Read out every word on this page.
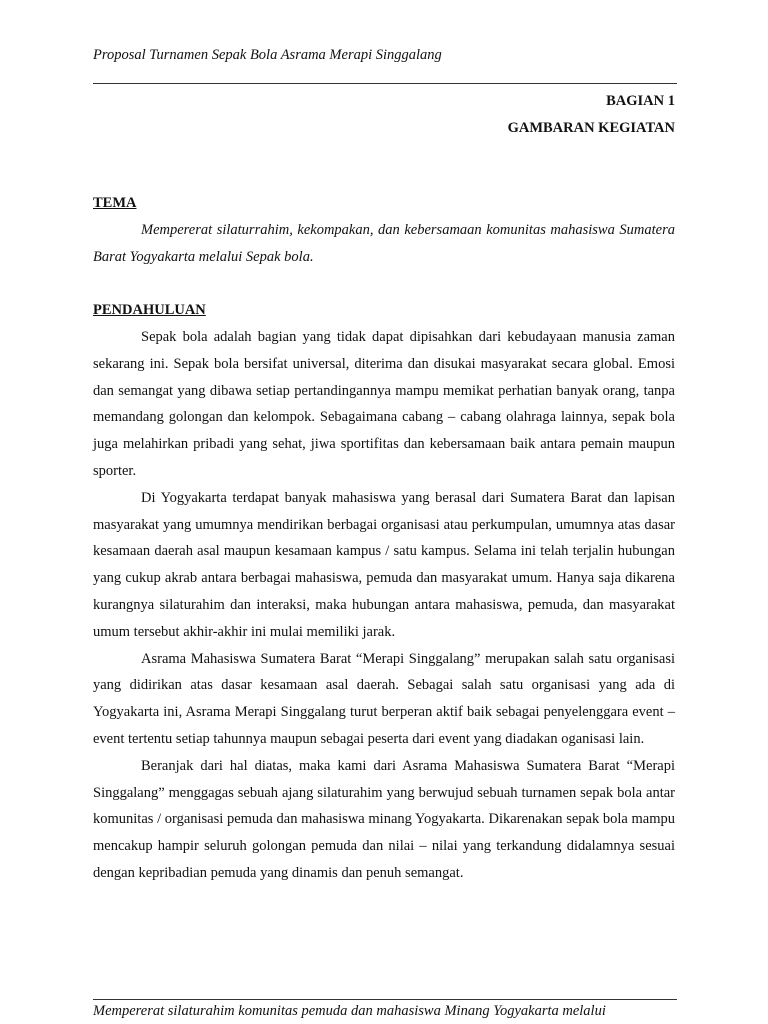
Proposal Turnamen Sepak Bola Asrama Merapi Singgalang
BAGIAN 1
GAMBARAN KEGIATAN
TEMA

Mempererat silaturrahim, kekompakan, dan kebersamaan komunitas mahasiswa Sumatera Barat Yogyakarta melalui Sepak bola.

PENDAHULUAN

Sepak bola adalah bagian yang tidak dapat dipisahkan dari kebudayaan manusia zaman sekarang ini. Sepak bola bersifat universal, diterima dan disukai masyarakat secara global. Emosi dan semangat yang dibawa setiap pertandingannya mampu memikat perhatian banyak orang, tanpa memandang golongan dan kelompok. Sebagaimana cabang – cabang olahraga lainnya, sepak bola juga melahirkan pribadi yang sehat, jiwa sportifitas dan kebersamaan baik antara pemain maupun sporter.

Di Yogyakarta terdapat banyak mahasiswa yang berasal dari Sumatera Barat dan lapisan masyarakat yang umumnya mendirikan berbagai organisasi atau perkumpulan, umumnya atas dasar kesamaan daerah asal maupun kesamaan kampus / satu kampus. Selama ini telah terjalin hubungan yang cukup akrab antara berbagai mahasiswa, pemuda dan masyarakat umum. Hanya saja dikarena kurangnya silaturahim dan interaksi, maka hubungan antara mahasiswa, pemuda, dan masyarakat umum tersebut akhir-akhir ini mulai memiliki jarak.

Asrama Mahasiswa Sumatera Barat “Merapi Singgalang” merupakan salah satu organisasi yang didirikan atas dasar kesamaan asal daerah. Sebagai salah satu organisasi yang ada di Yogyakarta ini, Asrama Merapi Singgalang turut berperan aktif baik sebagai penyelenggara event – event tertentu setiap tahunnya maupun sebagai peserta dari event yang diadakan oganisasi lain.

Beranjak dari hal diatas, maka kami dari Asrama Mahasiswa Sumatera Barat “Merapi Singgalang” menggagas sebuah ajang silaturahim yang berwujud sebuah turnamen sepak bola antar komunitas / organisasi pemuda dan mahasiswa minang Yogyakarta. Dikarenakan sepak bola mampu mencakup hampir seluruh golongan pemuda dan nilai – nilai yang terkandung didalamnya sesuai dengan kepribadian pemuda yang dinamis dan penuh semangat.

Mempererat silaturahim komunitas pemuda dan mahasiswa Minang Yogyakarta melalui
